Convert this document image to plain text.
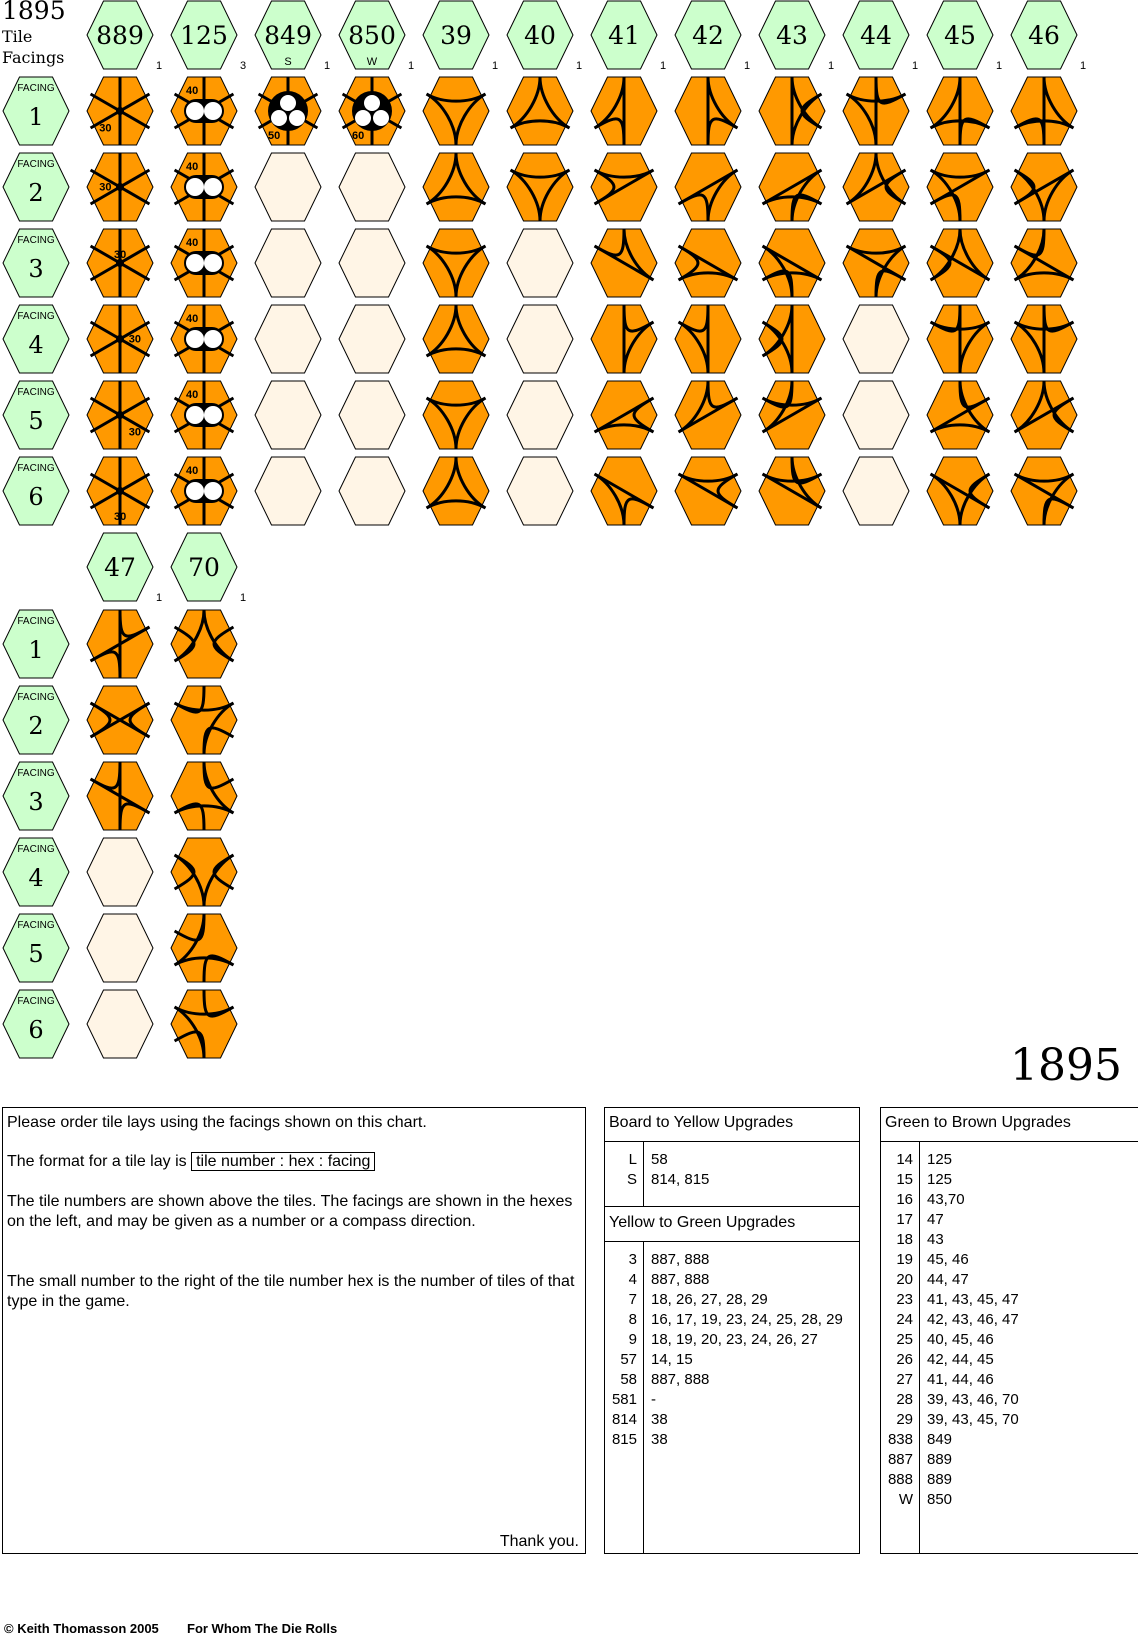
1895
Tile
Facings
889
1
30
30
30
30
30
30
125
3
40
40
40
40
40
40
849
1
S
50
850
1
W
60
39
1
40
1
41
1
42
1
43
1
44
1
45
1
46
1
FACING
1
FACING
2
FACING
3
FACING
4
FACING
5
FACING
6
47
1
70
1
FACING
1
FACING
2
FACING
3
FACING
4
FACING
5
FACING
6
1895

Please order tile lays using the facings shown on this chart.

The format for a tile lay is tile number : hex : facing

The tile numbers are shown above the tiles. The facings are shown in the hexes on the left, and may be given as a number or a compass direction.

The small number to the right of the tile number hex is the number of tiles of that type in the game.

Thank you.
Board to Yellow Upgrades
L 58
S 814, 815
Yellow to Green Upgrades
3 887, 888
4 887, 888
7 18, 26, 27, 28, 29
8 16, 17, 19, 23, 24, 25, 28, 29
9 18, 19, 20, 23, 24, 26, 27
57 14, 15
58 887, 888
581 -
814 38
815 38
Green to Brown Upgrades
14 125
15 125
16 43,70
17 47
18 43
19 45, 46
20 44, 47
23 41, 43, 45, 47
24 42, 43, 46, 47
25 40, 45, 46
26 42, 44, 45
27 41, 44, 46
28 39, 43, 46, 70
29 39, 43, 45, 70
838 849
887 889
888 889
W 850
© Keith Thomasson 2005 For Whom The Die Rolls
